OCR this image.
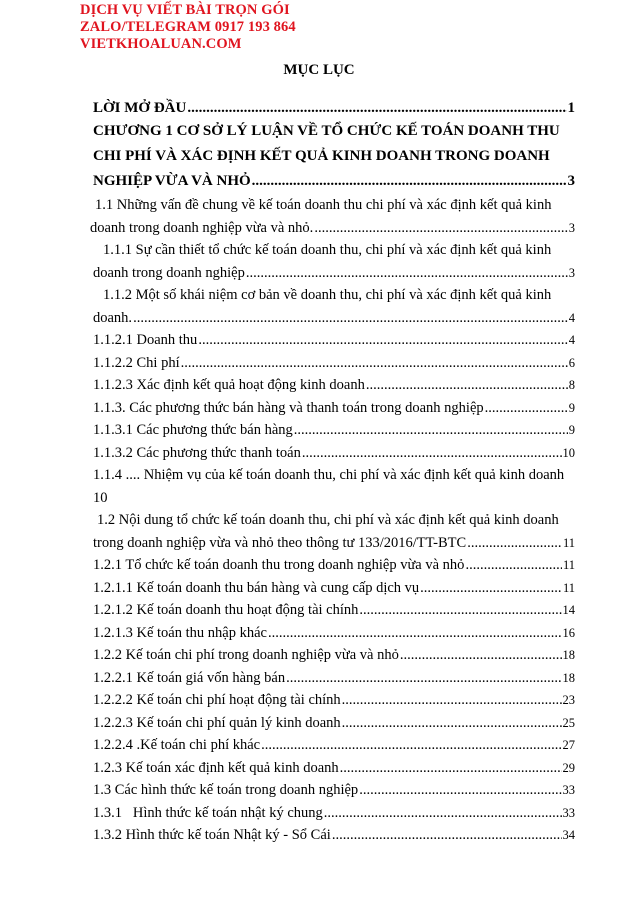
DỊCH VỤ VIẾT BÀI TRỌN GÓI
ZALO/TELEGRAM 0917 193 864
VIETKHOALUAN.COM
MỤC LỤC
LỜI MỞ ĐẦU .....	1
CHƯƠNG 1 CƠ SỞ LÝ LUẬN VỀ TỔ CHỨC KẾ TOÁN DOANH THU
CHI PHÍ VÀ XÁC ĐỊNH KẾT QUẢ KINH DOANH TRONG DOANH
NGHIỆP VỪA VÀ NHỎ .....	3
1.1 Những vấn đề chung về kế toán doanh thu chi phí và xác định kết quả kinh
doanh trong doanh nghiệp vừa và nhỏ. .....	3
1.1.1 Sự cần thiết tổ chức kế toán doanh thu, chi phí và xác định kết quả kinh
doanh trong doanh nghiệp .....	3
1.1.2 Một số khái niệm cơ bản về doanh thu, chi phí và xác định kết quả kinh
doanh. .....	4
1.1.2.1 Doanh thu .....	4
1.1.2.2 Chi phí .....	6
1.1.2.3 Xác định kết quả hoạt động kinh doanh .....	8
1.1.3. Các phương thức bán hàng và thanh toán trong doanh nghiệp .....	9
1.1.3.1 Các phương thức bán hàng .....	9
1.1.3.2 Các phương thức thanh toán .....	10
1.1.4 .... Nhiệm vụ của kế toán doanh thu, chi phí và xác định kết quả kinh doanh
10
1.2 Nội dung tổ chức kế toán doanh thu, chi phí và xác định kết quả kinh doanh
trong doanh nghiệp vừa và nhỏ theo thông tư 133/2016/TT-BTC .....	11
1.2.1 Tổ chức kế toán doanh thu trong doanh nghiệp vừa và nhỏ .....	11
1.2.1.1 Kế toán doanh thu bán hàng và cung cấp dịch vụ .....	11
1.2.1.2 Kế toán doanh thu hoạt động tài chính .....	14
1.2.1.3 Kế toán thu nhập khác .....	16
1.2.2 Kế toán chi phí trong doanh nghiệp vừa và nhỏ .....	18
1.2.2.1 Kế toán giá vốn hàng bán .....	18
1.2.2.2 Kế toán chi phí hoạt động tài chính .....	23
1.2.2.3 Kế toán chi phí quản lý kinh doanh .....	25
1.2.2.4 .Kế toán chi phí khác .....	27
1.2.3 Kế toán xác định kết quả kinh doanh .....	29
1.3 Các hình thức kế toán trong doanh nghiệp .....	33
1.3.1   Hình thức kế toán nhật ký chung .....	33
1.3.2 Hình thức kế toán Nhật ký - Sổ Cái .....	34
